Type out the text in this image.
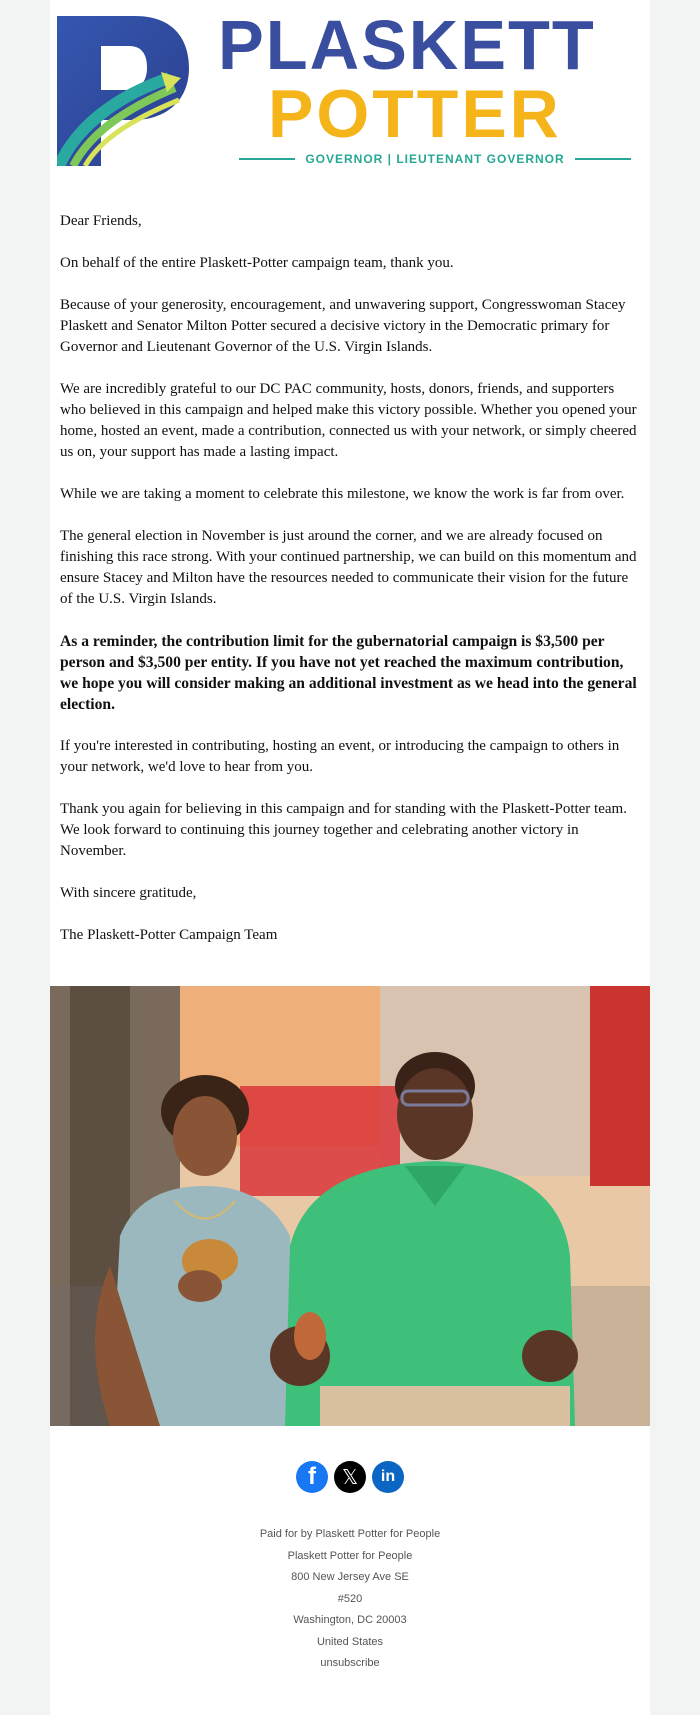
PLASKETT
POTTER
GOVERNOR | LIEUTENANT GOVERNOR

Dear Friends,

On behalf of the entire Plaskett-Potter campaign team, thank you.

Because of your generosity, encouragement, and unwavering support, Congresswoman Stacey Plaskett and Senator Milton Potter secured a decisive victory in the Democratic primary for Governor and Lieutenant Governor of the U.S. Virgin Islands.

We are incredibly grateful to our DC PAC community, hosts, donors, friends, and supporters who believed in this campaign and helped make this victory possible. Whether you opened your home, hosted an event, made a contribution, connected us with your network, or simply cheered us on, your support has made a lasting impact.

While we are taking a moment to celebrate this milestone, we know the work is far from over.

The general election in November is just around the corner, and we are already focused on finishing this race strong. With your continued partnership, we can build on this momentum and ensure Stacey and Milton have the resources needed to communicate their vision for the future of the U.S. Virgin Islands.

As a reminder, the contribution limit for the gubernatorial campaign is $3,500 per person and $3,500 per entity. If you have not yet reached the maximum contribution, we hope you will consider making an additional investment as we head into the general election.

If you're interested in contributing, hosting an event, or introducing the campaign to others in your network, we'd love to hear from you.

Thank you again for believing in this campaign and for standing with the Plaskett-Potter team. We look forward to continuing this journey together and celebrating another victory in November.

With sincere gratitude,

The Plaskett-Potter Campaign Team

f	𝕏	in
Paid for by Plaskett Potter for People
Plaskett Potter for People
800 New Jersey Ave SE
#520
Washington, DC 20003
United States
unsubscribe
